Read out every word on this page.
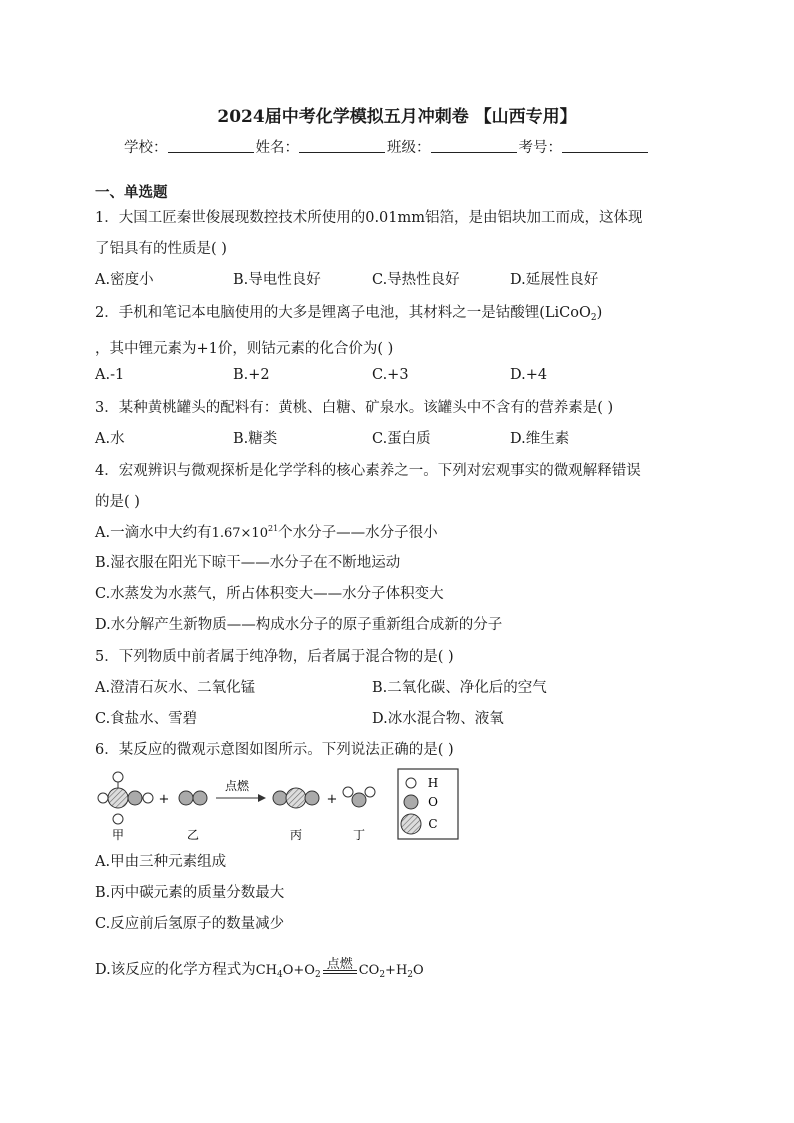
2024届中考化学模拟五月冲刺卷 【山西专用】
学校：	姓名：	班级：	考号：
一、单选题
1．大国工匠秦世俊展现数控技术所使用的0.01mm铝箔，是由铝块加工而成，这体现
了铝具有的性质是( )
A.密度小	B.导电性良好	C.导热性良好	D.延展性良好
2．手机和笔记本电脑使用的大多是锂离子电池，其材料之一是钴酸锂(LiCoO$_2$)
，其中锂元素为+1价，则钴元素的化合价为( )
A.-1	B.+2	C.+3	D.+4
3．某种黄桃罐头的配料有：黄桃、白糖、矿泉水。该罐头中不含有的营养素是( )
A.水	B.糖类	C.蛋白质	D.维生素
4．宏观辨识与微观探析是化学学科的核心素养之一。下列对宏观事实的微观解释错误
的是( )
A.一滴水中大约有$1.67\times 10^{21}$个水分子——水分子很小
B.湿衣服在阳光下晾干——水分子在不断地运动
C.水蒸发为水蒸气，所占体积变大——水分子体积变大
D.水分解产生新物质——构成水分子的原子重新组合成新的分子
5．下列物质中前者属于纯净物，后者属于混合物的是( )
A.澄清石灰水、二氧化锰	B.二氧化碳、净化后的空气
C.食盐水、雪碧	D.冰水混合物、液氧
6．某反应的微观示意图如图所示。下列说法正确的是( )
甲
+
乙
点燃
丙
+
丁
H
O
C
A.甲由三种元素组成
B.丙中碳元素的质量分数最大
C.反应前后氢原子的数量减少
D.该反应的化学方程式为$CH_4O+O_2$
点燃 $CO_2+H_2O$
